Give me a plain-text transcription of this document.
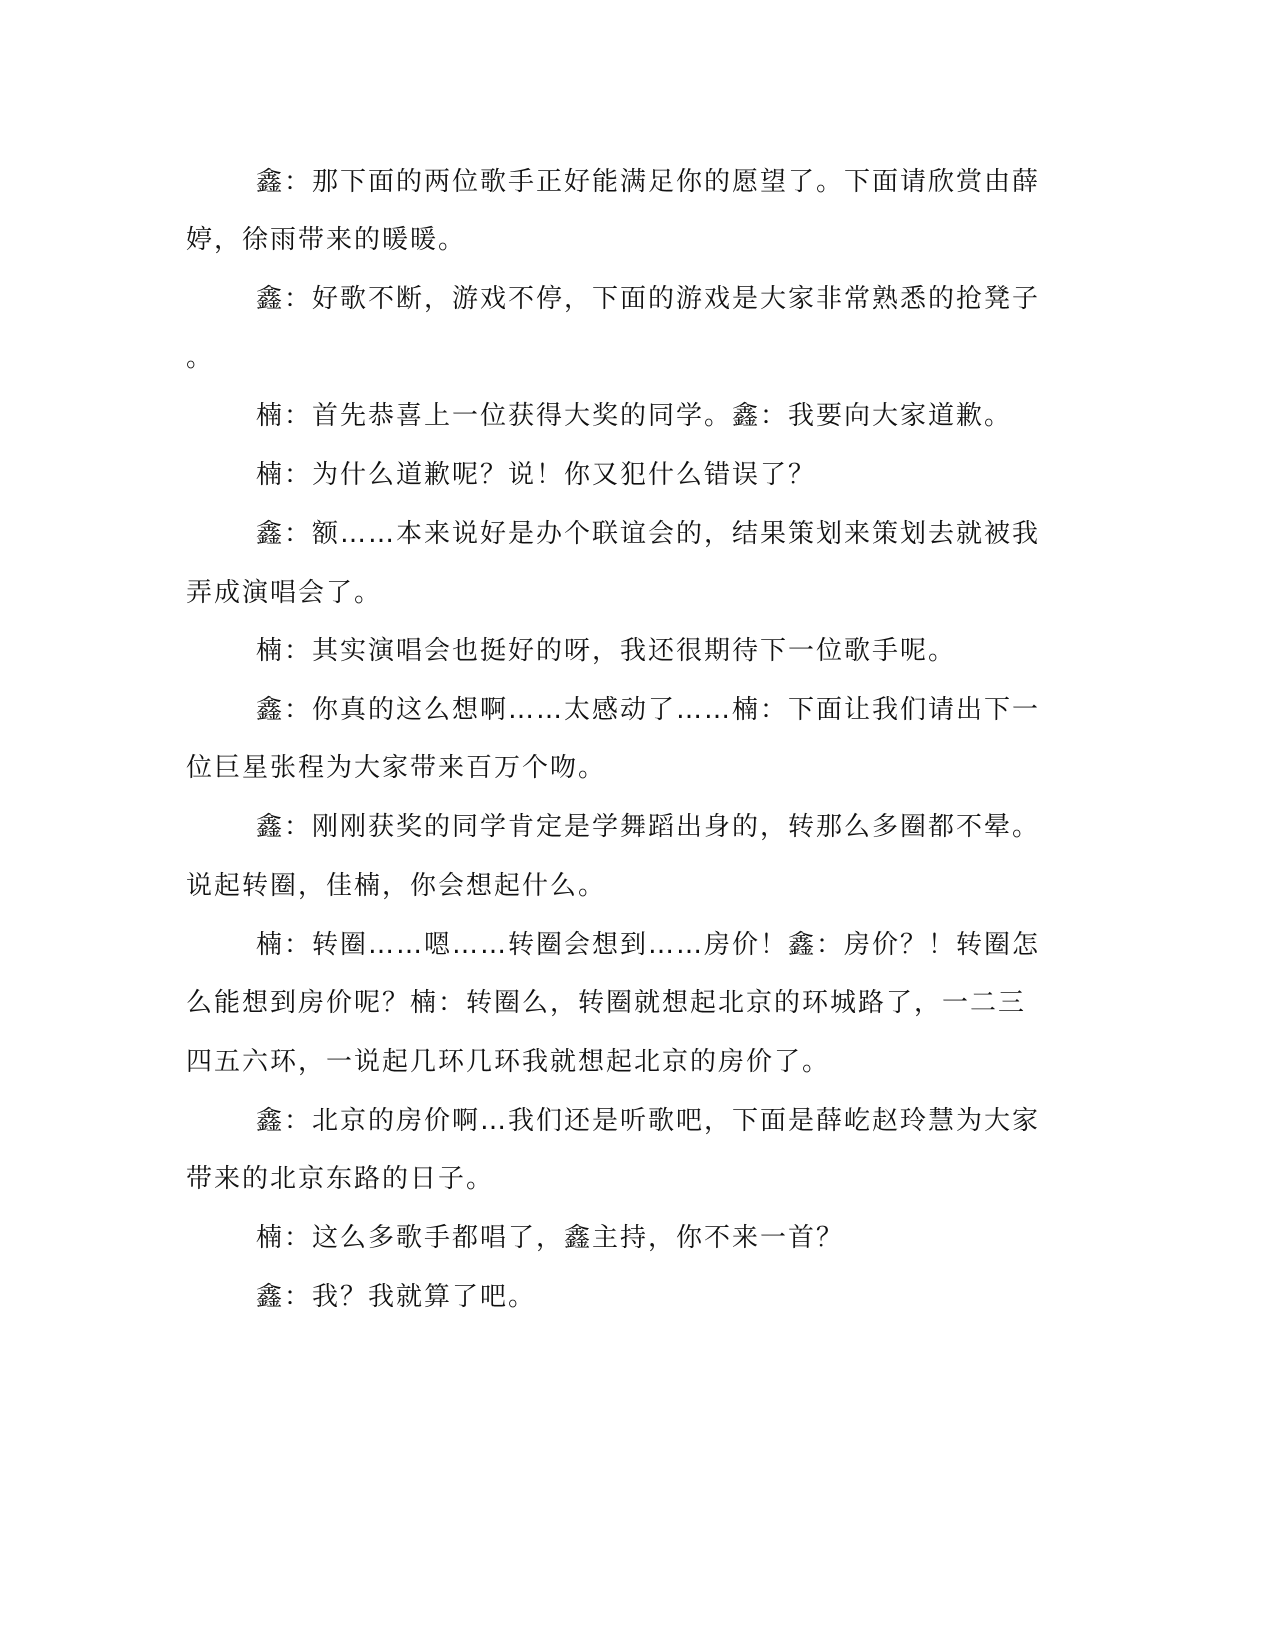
鑫：那下面的两位歌手正好能满足你的愿望了。下面请欣赏由薛
婷，徐雨带来的暖暖。
鑫：好歌不断，游戏不停，下面的游戏是大家非常熟悉的抢凳子
。
楠：首先恭喜上一位获得大奖的同学。鑫：我要向大家道歉。
楠：为什么道歉呢？说！你又犯什么错误了？
鑫：额……本来说好是办个联谊会的，结果策划来策划去就被我
弄成演唱会了。
楠：其实演唱会也挺好的呀，我还很期待下一位歌手呢。
鑫：你真的这么想啊……太感动了……楠：下面让我们请出下一
位巨星张程为大家带来百万个吻。
鑫：刚刚获奖的同学肯定是学舞蹈出身的，转那么多圈都不晕。
说起转圈，佳楠，你会想起什么。
楠：转圈……嗯……转圈会想到……房价！鑫：房价？！转圈怎
么能想到房价呢？楠：转圈么，转圈就想起北京的环城路了，一二三
四五六环，一说起几环几环我就想起北京的房价了。
鑫：北京的房价啊…我们还是听歌吧，下面是薛屹赵玲慧为大家
带来的北京东路的日子。
楠：这么多歌手都唱了，鑫主持，你不来一首？
鑫：我？我就算了吧。
